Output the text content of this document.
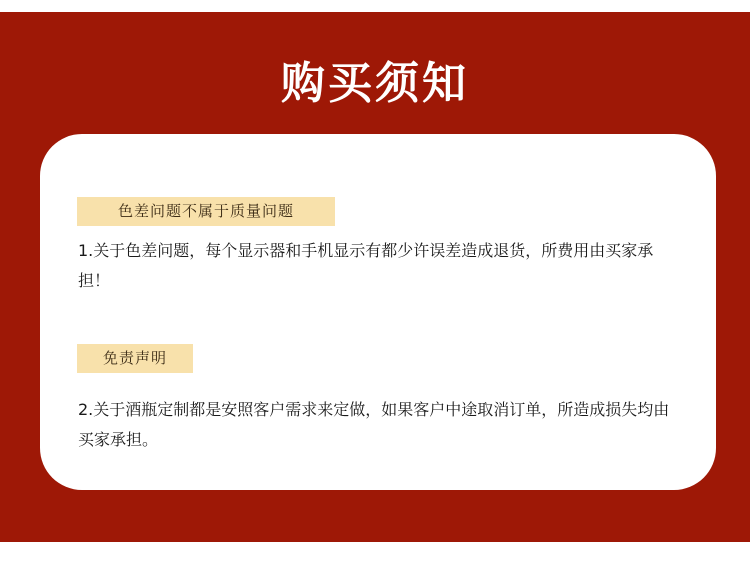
购买须知
色差问题不属于质量问题
1.关于色差问题，每个显示器和手机显示有都少许误差造成退货，所费用由买家承担！
免责声明
2.关于酒瓶定制都是安照客户需求来定做，如果客户中途取消订单，所造成损失均由买家承担。
